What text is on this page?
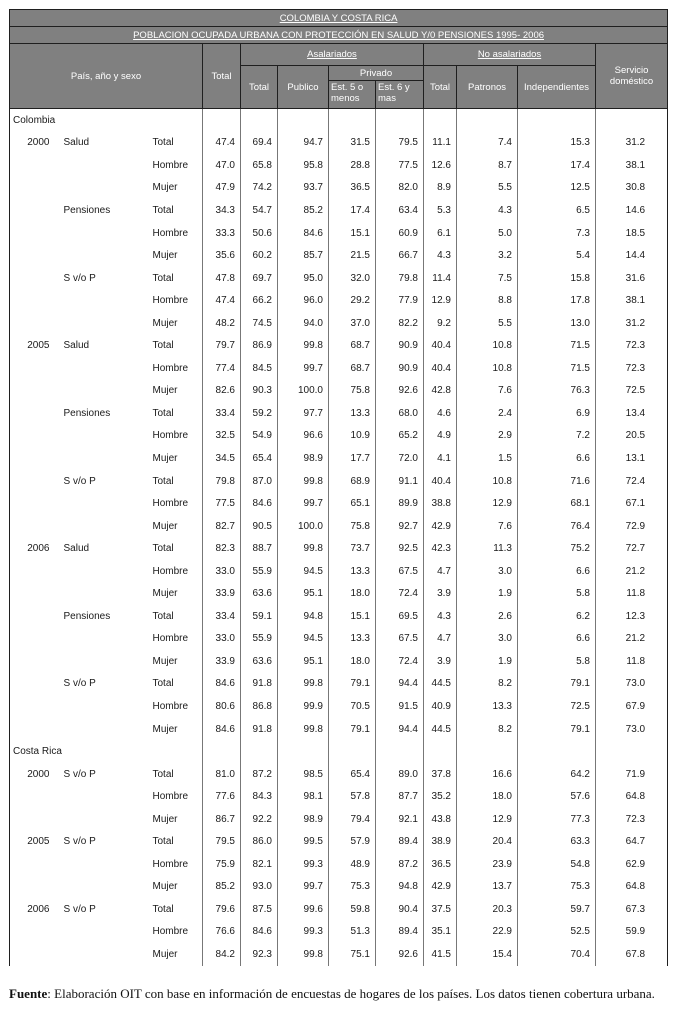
COLOMBIA Y COSTA RICA											
POBLACION OCUPADA URBANA CON PROTECCIÓN EN SALUD Y/0 PENSIONES 1995- 2006											
País, año y sexo			Total	Asalariados				No asalariados			Servicio doméstico
				Total	Publico	Privado		Total	Patronos	Independientes	
						Est. 5 o menos	Est. 6 y mas				
Colombia											
2000	Salud	Total	47.4	69.4	94.7	31.5	79.5	11.1	7.4	15.3	31.2
		Hombre	47.0	65.8	95.8	28.8	77.5	12.6	8.7	17.4	38.1
		Mujer	47.9	74.2	93.7	36.5	82.0	8.9	5.5	12.5	30.8
	Pensiones	Total	34.3	54.7	85.2	17.4	63.4	5.3	4.3	6.5	14.6
		Hombre	33.3	50.6	84.6	15.1	60.9	6.1	5.0	7.3	18.5
		Mujer	35.6	60.2	85.7	21.5	66.7	4.3	3.2	5.4	14.4
	S v/o P	Total	47.8	69.7	95.0	32.0	79.8	11.4	7.5	15.8	31.6
		Hombre	47.4	66.2	96.0	29.2	77.9	12.9	8.8	17.8	38.1
		Mujer	48.2	74.5	94.0	37.0	82.2	9.2	5.5	13.0	31.2
2005	Salud	Total	79.7	86.9	99.8	68.7	90.9	40.4	10.8	71.5	72.3
		Hombre	77.4	84.5	99.7	68.7	90.9	40.4	10.8	71.5	72.3
		Mujer	82.6	90.3	100.0	75.8	92.6	42.8	7.6	76.3	72.5
	Pensiones	Total	33.4	59.2	97.7	13.3	68.0	4.6	2.4	6.9	13.4
		Hombre	32.5	54.9	96.6	10.9	65.2	4.9	2.9	7.2	20.5
		Mujer	34.5	65.4	98.9	17.7	72.0	4.1	1.5	6.6	13.1
	S v/o P	Total	79.8	87.0	99.8	68.9	91.1	40.4	10.8	71.6	72.4
		Hombre	77.5	84.6	99.7	65.1	89.9	38.8	12.9	68.1	67.1
		Mujer	82.7	90.5	100.0	75.8	92.7	42.9	7.6	76.4	72.9
2006	Salud	Total	82.3	88.7	99.8	73.7	92.5	42.3	11.3	75.2	72.7
		Hombre	33.0	55.9	94.5	13.3	67.5	4.7	3.0	6.6	21.2
		Mujer	33.9	63.6	95.1	18.0	72.4	3.9	1.9	5.8	11.8
	Pensiones	Total	33.4	59.1	94.8	15.1	69.5	4.3	2.6	6.2	12.3
		Hombre	33.0	55.9	94.5	13.3	67.5	4.7	3.0	6.6	21.2
		Mujer	33.9	63.6	95.1	18.0	72.4	3.9	1.9	5.8	11.8
	S v/o P	Total	84.6	91.8	99.8	79.1	94.4	44.5	8.2	79.1	73.0
		Hombre	80.6	86.8	99.9	70.5	91.5	40.9	13.3	72.5	67.9
		Mujer	84.6	91.8	99.8	79.1	94.4	44.5	8.2	79.1	73.0
Costa Rica											
2000	S v/o P	Total	81.0	87.2	98.5	65.4	89.0	37.8	16.6	64.2	71.9
		Hombre	77.6	84.3	98.1	57.8	87.7	35.2	18.0	57.6	64.8
		Mujer	86.7	92.2	98.9	79.4	92.1	43.8	12.9	77.3	72.3
2005	S v/o P	Total	79.5	86.0	99.5	57.9	89.4	38.9	20.4	63.3	64.7
		Hombre	75.9	82.1	99.3	48.9	87.2	36.5	23.9	54.8	62.9
		Mujer	85.2	93.0	99.7	75.3	94.8	42.9	13.7	75.3	64.8
2006	S v/o P	Total	79.6	87.5	99.6	59.8	90.4	37.5	20.3	59.7	67.3
		Hombre	76.6	84.6	99.3	51.3	89.4	35.1	22.9	52.5	59.9
		Mujer	84.2	92.3	99.8	75.1	92.6	41.5	15.4	70.4	67.8
Fuente: Elaboración OIT con base en información de encuestas de hogares de los países. Los datos tienen cobertura urbana.
